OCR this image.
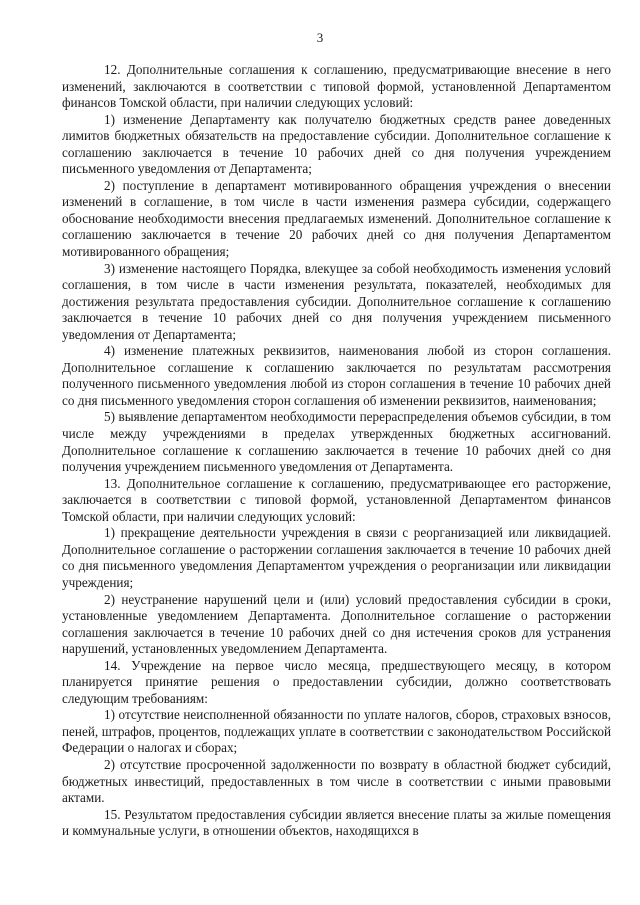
3

12. Дополнительные соглашения к соглашению, предусматривающие внесение в него изменений, заключаются в соответствии с типовой формой, установленной Департаментом финансов Томской области, при наличии следующих условий:

1) изменение Департаменту как получателю бюджетных средств ранее доведенных лимитов бюджетных обязательств на предоставление субсидии. Дополнительное соглашение к соглашению заключается в течение 10 рабочих дней со дня получения учреждением письменного уведомления от Департамента;

2) поступление в департамент мотивированного обращения учреждения о внесении изменений в соглашение, в том числе в части изменения размера субсидии, содержащего обоснование необходимости внесения предлагаемых изменений. Дополнительное соглашение к соглашению заключается в течение 20 рабочих дней со дня получения Департаментом мотивированного обращения;

3) изменение настоящего Порядка, влекущее за собой необходимость изменения условий соглашения, в том числе в части изменения результата, показателей, необходимых для достижения результата предоставления субсидии. Дополнительное соглашение к соглашению заключается в течение 10 рабочих дней со дня получения учреждением письменного уведомления от Департамента;

4) изменение платежных реквизитов, наименования любой из сторон соглашения. Дополнительное соглашение к соглашению заключается по результатам рассмотрения полученного письменного уведомления любой из сторон соглашения в течение 10 рабочих дней со дня письменного уведомления сторон соглашения об изменении реквизитов, наименования;

5) выявление департаментом необходимости перераспределения объемов субсидии, в том числе между учреждениями в пределах утвержденных бюджетных ассигнований. Дополнительное соглашение к соглашению заключается в течение 10 рабочих дней со дня получения учреждением письменного уведомления от Департамента.

13. Дополнительное соглашение к соглашению, предусматривающее его расторжение, заключается в соответствии с типовой формой, установленной Департаментом финансов Томской области, при наличии следующих условий:

1) прекращение деятельности учреждения в связи с реорганизацией или ликвидацией. Дополнительное соглашение о расторжении соглашения заключается в течение 10 рабочих дней со дня письменного уведомления Департаментом учреждения о реорганизации или ликвидации учреждения;

2) неустранение нарушений цели и (или) условий предоставления субсидии в сроки, установленные уведомлением Департамента. Дополнительное соглашение о расторжении соглашения заключается в течение 10 рабочих дней со дня истечения сроков для устранения нарушений, установленных уведомлением Департамента.

14. Учреждение на первое число месяца, предшествующего месяцу, в котором планируется принятие решения о предоставлении субсидии, должно соответствовать следующим требованиям:

1) отсутствие неисполненной обязанности по уплате налогов, сборов, страховых взносов, пеней, штрафов, процентов, подлежащих уплате в соответствии с законодательством Российской Федерации о налогах и сборах;

2) отсутствие просроченной задолженности по возврату в областной бюджет субсидий, бюджетных инвестиций, предоставленных в том числе в соответствии с иными правовыми актами.

15. Результатом предоставления субсидии является внесение платы за жилые помещения и коммунальные услуги, в отношении объектов, находящихся в
